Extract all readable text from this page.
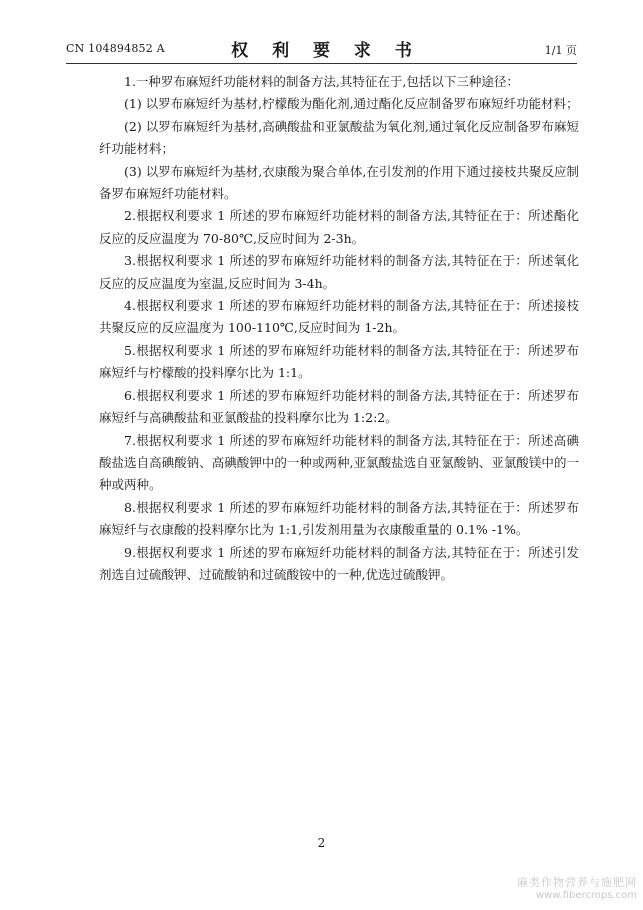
CN 104894852 A	权 利 要 求 书	1/1 页

1.一种罗布麻短纤功能材料的制备方法,其特征在于,包括以下三种途径：

(1) 以罗布麻短纤为基材,柠檬酸为酯化剂,通过酯化反应制备罗布麻短纤功能材料；

(2) 以罗布麻短纤为基材,高碘酸盐和亚氯酸盐为氧化剂,通过氧化反应制备罗布麻短纤功能材料；

(3) 以罗布麻短纤为基材,衣康酸为聚合单体,在引发剂的作用下通过接枝共聚反应制备罗布麻短纤功能材料。

2.根据权利要求 1 所述的罗布麻短纤功能材料的制备方法,其特征在于：所述酯化反应的反应温度为 70-80℃,反应时间为 2-3h。

3.根据权利要求 1 所述的罗布麻短纤功能材料的制备方法,其特征在于：所述氧化反应的反应温度为室温,反应时间为 3-4h。

4.根据权利要求 1 所述的罗布麻短纤功能材料的制备方法,其特征在于：所述接枝共聚反应的反应温度为 100-110℃,反应时间为 1-2h。

5.根据权利要求 1 所述的罗布麻短纤功能材料的制备方法,其特征在于：所述罗布麻短纤与柠檬酸的投料摩尔比为 1:1。

6.根据权利要求 1 所述的罗布麻短纤功能材料的制备方法,其特征在于：所述罗布麻短纤与高碘酸盐和亚氯酸盐的投料摩尔比为 1:2:2。

7.根据权利要求 1 所述的罗布麻短纤功能材料的制备方法,其特征在于：所述高碘酸盐选自高碘酸钠、高碘酸钾中的一种或两种,亚氯酸盐选自亚氯酸钠、亚氯酸镁中的一种或两种。

8.根据权利要求 1 所述的罗布麻短纤功能材料的制备方法,其特征在于：所述罗布麻短纤与衣康酸的投料摩尔比为 1:1,引发剂用量为衣康酸重量的 0.1% -1%。

9.根据权利要求 1 所述的罗布麻短纤功能材料的制备方法,其特征在于：所述引发剂选自过硫酸钾、过硫酸钠和过硫酸铵中的一种,优选过硫酸钾。

2
麻类作物营养与施肥网
www.fibercrops.com
